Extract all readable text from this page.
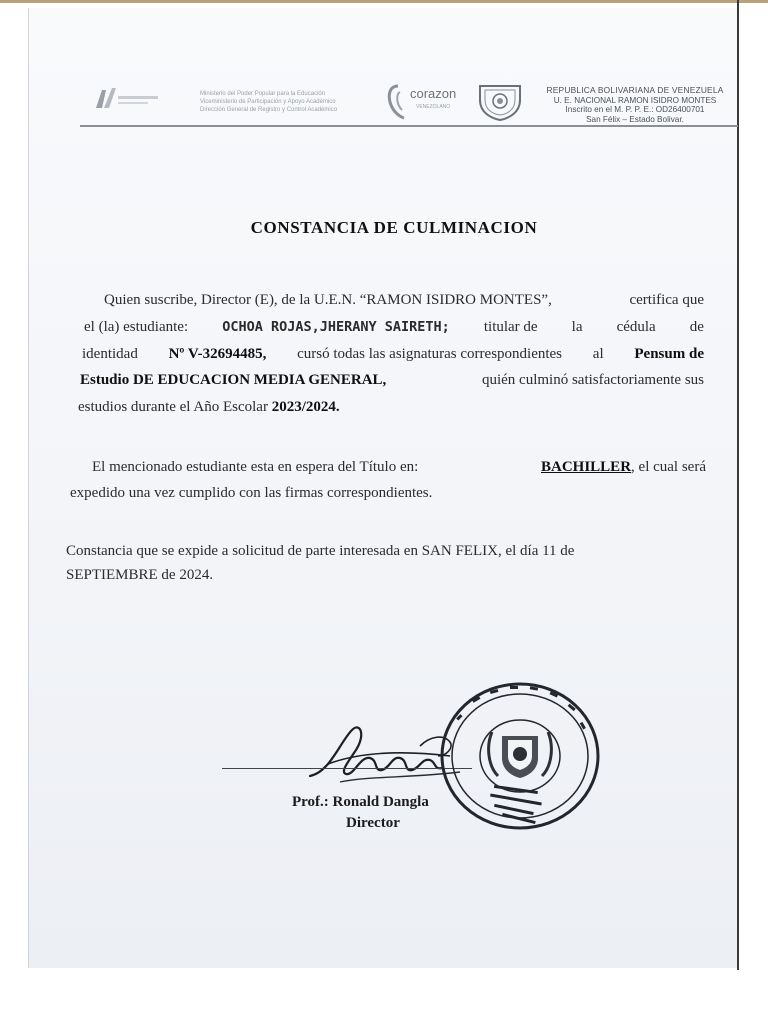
Ministerio del Poder Popular para la Educación
Viceministerio de Participación y Apoyo Académico
Dirección General de Registro y Control Académico
corazon
VENEZOLANO
REPUBLICA BOLIVARIANA DE VENEZUELA
U. E. NACIONAL RAMON ISIDRO MONTES
Inscrito en el M. P. P. E.: OD26400701
San Félix – Estado Bolivar.
CONSTANCIA DE CULMINACION
Quien suscribe, Director (E), de la U.E.N. “RAMON ISIDRO MONTES”,	certifica que
el (la) estudiante:	OCHOA ROJAS,JHERANY SAIRETH; titular de la cédula de
identidad Nº V-32694485, cursó todas las asignaturas correspondientes al Pensum de
Estudio DE EDUCACION MEDIA GENERAL,	quién culminó satisfactoriamente sus
estudios durante el Año Escolar 2023/2024.
El mencionado estudiante esta en espera del Título en:	BACHILLER, el cual será
expedido una vez cumplido con las firmas correspondientes.
Constancia que se expide a solicitud de parte interesada en SAN FELIX, el día 11 de
SEPTIEMBRE de 2024.
Prof.: Ronald Dangla
Director
